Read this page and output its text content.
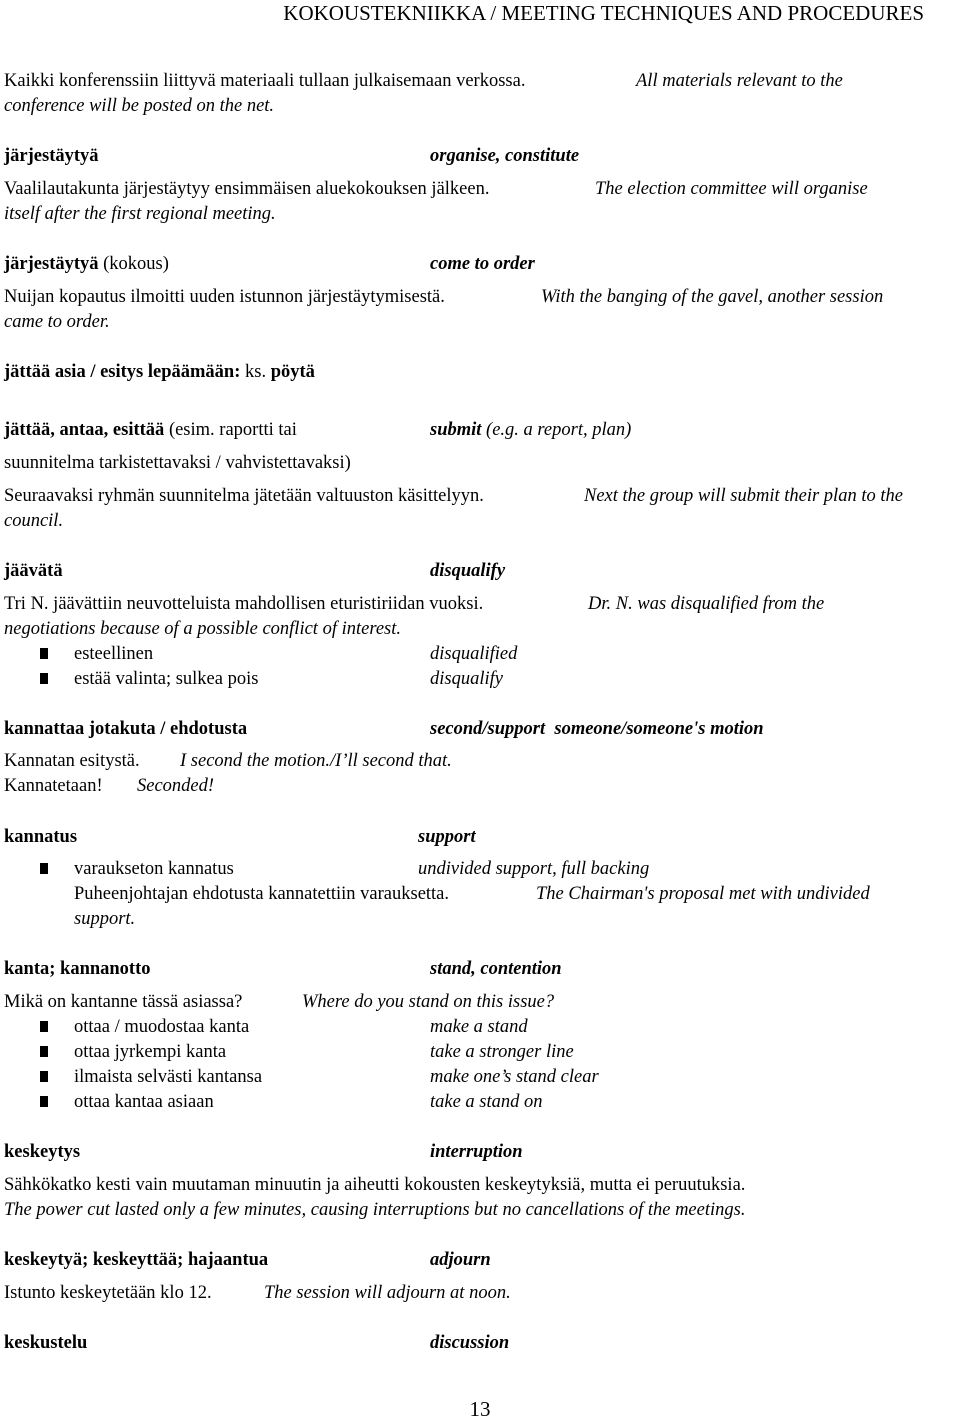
KOKOUSTEKNIIKKA / MEETING TECHNIQUES AND PROCEDURES
Kaikki konferenssiin liittyvä materiaali tullaan julkaisemaan verkossa.	All materials relevant to the
conference will be posted on the net.
järjestäytyä	organise, constitute
Vaalilautakunta järjestäytyy ensimmäisen aluekokouksen jälkeen.	The election committee will organise
itself after the first regional meeting.
järjestäytyä (kokous)	come to order
Nuijan kopautus ilmoitti uuden istunnon järjestäytymisestä.	With the banging of the gavel, another session
came to order.
jättää asia / esitys lepäämään: ks. pöytä
jättää, antaa, esittää (esim. raportti tai	submit (e.g. a report, plan)
suunnitelma tarkistettavaksi / vahvistettavaksi)
Seuraavaksi ryhmän suunnitelma jätetään valtuuston käsittelyyn.	Next the group will submit their plan to the
council.
jäävätä	disqualify
Tri N. jäävättiin neuvotteluista mahdollisen eturistiriidan vuoksi.	Dr. N. was disqualified from the
negotiations because of a possible conflict of interest.
esteellinen	disqualified
estää valinta; sulkea pois	disqualify
kannattaa jotakuta / ehdotusta	second/support  someone/someone's motion
Kannatan esitystä. I second the motion./I’ll second that.
Kannatetaan! Seconded!
kannatus	support
varaukseton kannatus	undivided support, full backing
Puheenjohtajan ehdotusta kannatettiin varauksetta.	The Chairman's proposal met with undivided
support.
kanta; kannanotto	stand, contention
Mikä on kantanne tässä asiassa?	Where do you stand on this issue?
ottaa / muodostaa kanta	make a stand
ottaa jyrkempi kanta	take a stronger line
ilmaista selvästi kantansa	make one’s stand clear
ottaa kantaa asiaan	take a stand on
keskeytys	interruption
Sähkökatko kesti vain muutaman minuutin ja aiheutti kokousten keskeytyksiä, mutta ei peruutuksia.
The power cut lasted only a few minutes, causing interruptions but no cancellations of the meetings.
keskeytyä; keskeyttää; hajaantua	adjourn
Istunto keskeytetään klo 12.	The session will adjourn at noon.
keskustelu	discussion
13
